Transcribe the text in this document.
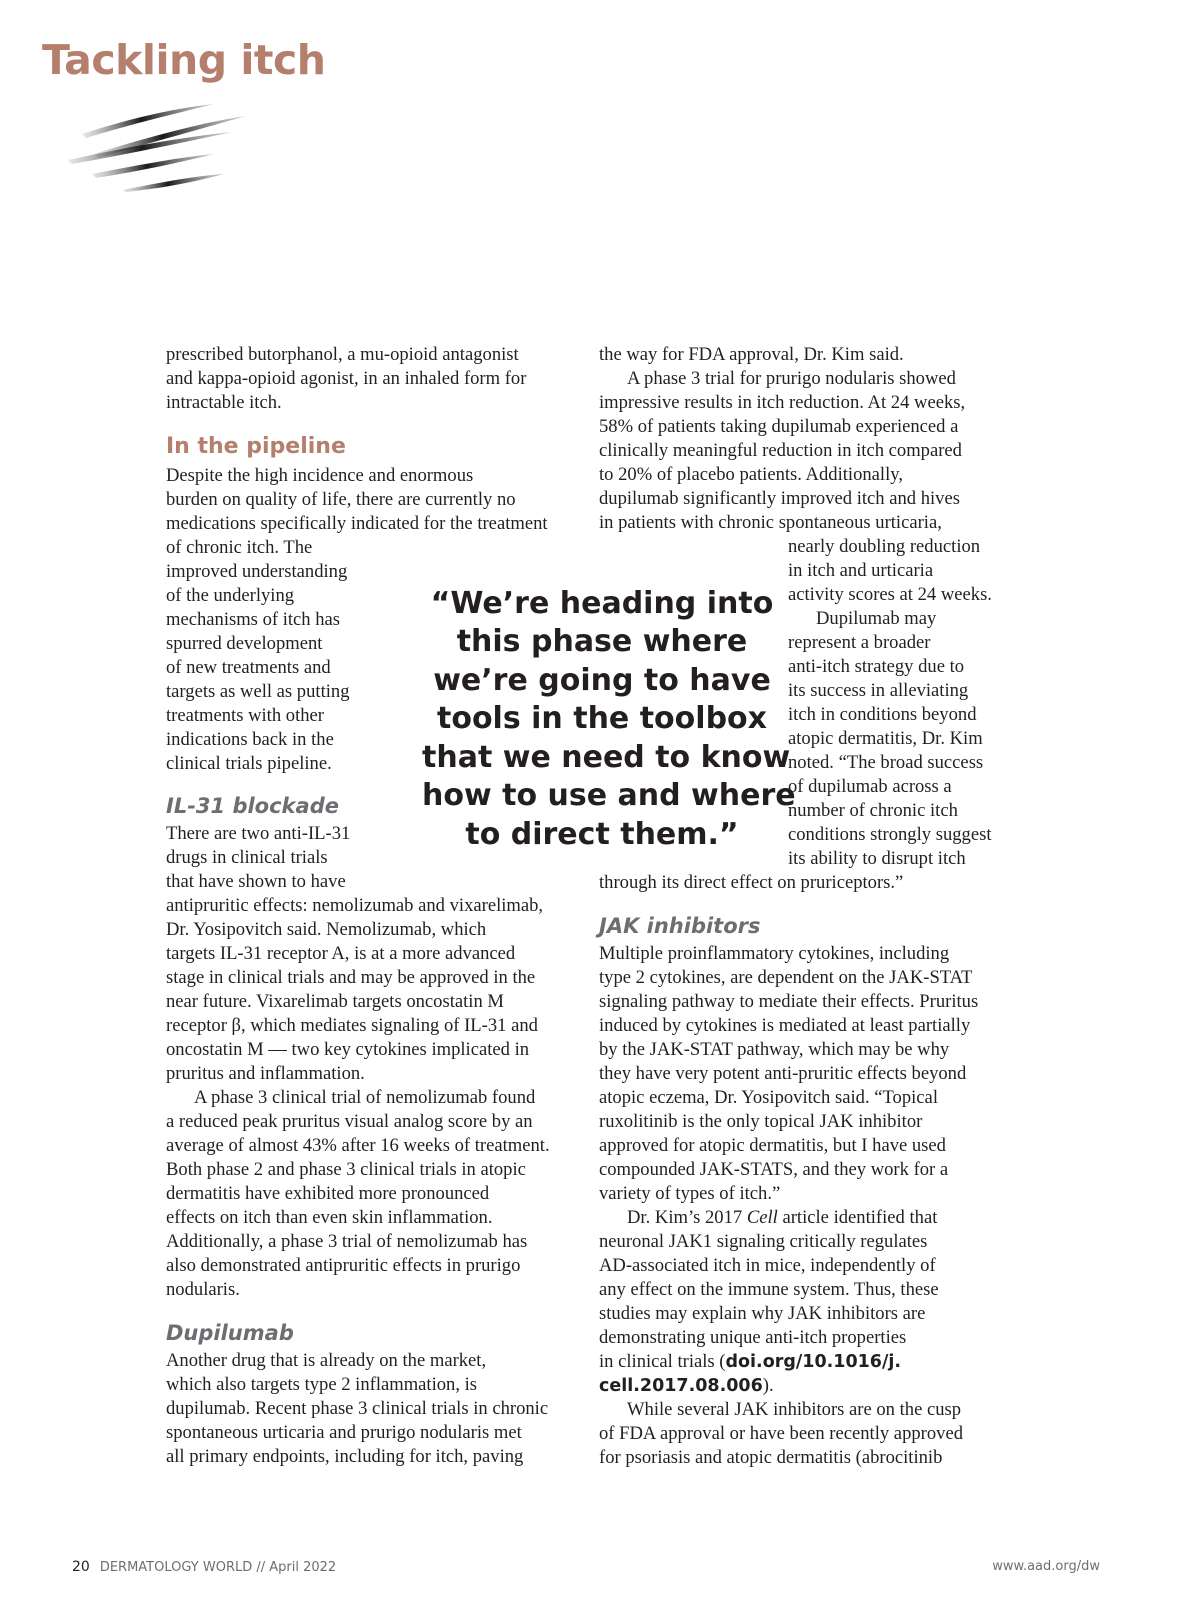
Tackling itch
prescribed butorphanol, a mu-opioid antagonist
and kappa-opioid agonist, in an inhaled form for
intractable itch.
In the pipeline
Despite the high incidence and enormous
burden on quality of life, there are currently no
medications specifically indicated for the treatment
of chronic itch. The
improved understanding
of the underlying
mechanisms of itch has
spurred development
of new treatments and
targets as well as putting
treatments with other
indications back in the
clinical trials pipeline.
IL-31 blockade
There are two anti-IL-31
drugs in clinical trials
that have shown to have
antipruritic effects: nemolizumab and vixarelimab,
Dr. Yosipovitch said. Nemolizumab, which
targets IL-31 receptor A, is at a more advanced
stage in clinical trials and may be approved in the
near future. Vixarelimab targets oncostatin M
receptor β, which mediates signaling of IL-31 and
oncostatin M — two key cytokines implicated in
pruritus and inflammation.
A phase 3 clinical trial of nemolizumab found
a reduced peak pruritus visual analog score by an
average of almost 43% after 16 weeks of treatment.
Both phase 2 and phase 3 clinical trials in atopic
dermatitis have exhibited more pronounced
effects on itch than even skin inflammation.
Additionally, a phase 3 trial of nemolizumab has
also demonstrated antipruritic effects in prurigo
nodularis.
Dupilumab
Another drug that is already on the market,
which also targets type 2 inflammation, is
dupilumab. Recent phase 3 clinical trials in chronic
spontaneous urticaria and prurigo nodularis met
all primary endpoints, including for itch, paving
“We’re heading into
this phase where
we’re going to have
tools in the toolbox
that we need to know
how to use and where
to direct them.”
the way for FDA approval, Dr. Kim said.
A phase 3 trial for prurigo nodularis showed
impressive results in itch reduction. At 24 weeks,
58% of patients taking dupilumab experienced a
clinically meaningful reduction in itch compared
to 20% of placebo patients. Additionally,
dupilumab significantly improved itch and hives
in patients with chronic spontaneous urticaria,
nearly doubling reduction
in itch and urticaria
activity scores at 24 weeks.
Dupilumab may
represent a broader
anti-itch strategy due to
its success in alleviating
itch in conditions beyond
atopic dermatitis, Dr. Kim
noted. “The broad success
of dupilumab across a
number of chronic itch
conditions strongly suggest
its ability to disrupt itch
through its direct effect on pruriceptors.”
JAK inhibitors
Multiple proinflammatory cytokines, including
type 2 cytokines, are dependent on the JAK-STAT
signaling pathway to mediate their effects. Pruritus
induced by cytokines is mediated at least partially
by the JAK-STAT pathway, which may be why
they have very potent anti-pruritic effects beyond
atopic eczema, Dr. Yosipovitch said. “Topical
ruxolitinib is the only topical JAK inhibitor
approved for atopic dermatitis, but I have used
compounded JAK-STATS, and they work for a
variety of types of itch.”
Dr. Kim’s 2017 Cell article identified that
neuronal JAK1 signaling critically regulates
AD-associated itch in mice, independently of
any effect on the immune system. Thus, these
studies may explain why JAK inhibitors are
demonstrating unique anti-itch properties
in clinical trials (doi.org/10.1016/j.
cell.2017.08.006).
While several JAK inhibitors are on the cusp
of FDA approval or have been recently approved
for psoriasis and atopic dermatitis (abrocitinib
20 DERMATOLOGY WORLD // April 2022	www.aad.org/dw
